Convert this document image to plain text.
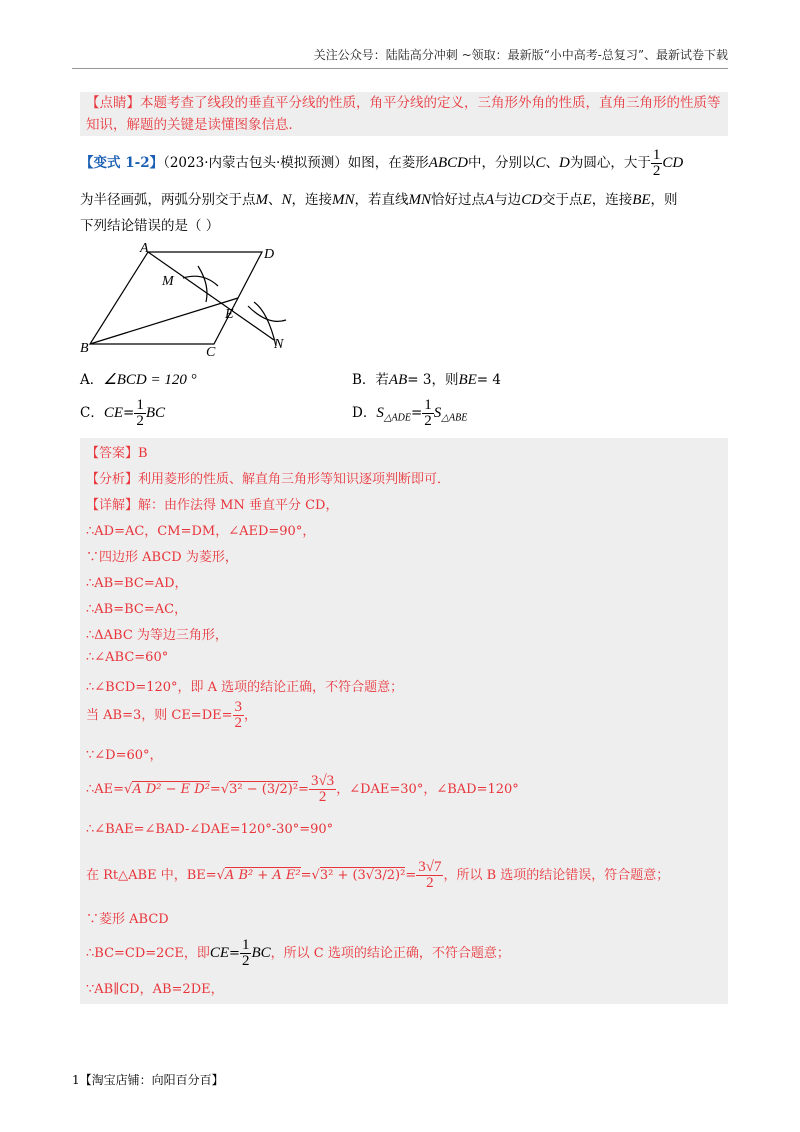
关注公众号：陆陆高分冲刺 ~领取：最新版“小中高考-总复习”、最新试卷下载
【点睛】本题考查了线段的垂直平分线的性质，角平分线的定义，三角形外角的性质，直角三角形的性质等知识，解题的关键是读懂图象信息．
【变式 1-2】（2023·内蒙古包头·模拟预测）如图，在菱形ABCD中，分别以C、D为圆心，大于 $\frac{1}{2}$ CD
为半径画弧，两弧分别交于点M、N，连接MN，若直线MN恰好过点A与边CD交于点E，连接BE，则
下列结论错误的是（ ）
A	D
M
E
B	C
N
A．∠BCD = 120 °	B．若AB= 3，则BE= 4
C．$CE= \frac{1}{2}$ BC	D．$S_{\triangle ADE}= \frac{1}{2} S_{\triangle ABE}$
【答案】B
【分析】利用菱形的性质、解直角三角形等知识逐项判断即可．
【详解】解：由作法得 MN 垂直平分 CD，
∴AD=AC，CM=DM，∠AED=90°，
∵四边形 ABCD 为菱形，
∴AB=BC=AD，
∴AB=BC=AC，
∴ΔABC 为等边三角形，
∴∠ABC=60°
∴∠BCD=120°，即 A 选项的结论正确，不符合题意；
当 AB=3，则 $CE=DE= \frac{3}{2}$ ，
∵∠D=60°，
∴AE=√A D² − E $D^2=√3^2 - (3/2)^2= \frac{3√3}{2}$ ，∠DAE=30°，∠BAD=120°
∴∠BAE=∠BAD-∠DAE=120°-30°=90°
在 Rt△ABE 中，BE=√A B² + A $E^2=√3^2 + (3√3/2)^2= \frac{3√7}{2}$ ，所以 B 选项的结论错误，符合题意；
∵菱形 ABCD
∴BC=CD=2CE，即$CE= \frac{1}{2}$ BC，所以 C 选项的结论正确，不符合题意；
∵AB∥CD，AB=2DE，
1【淘宝店铺：向阳百分百】
